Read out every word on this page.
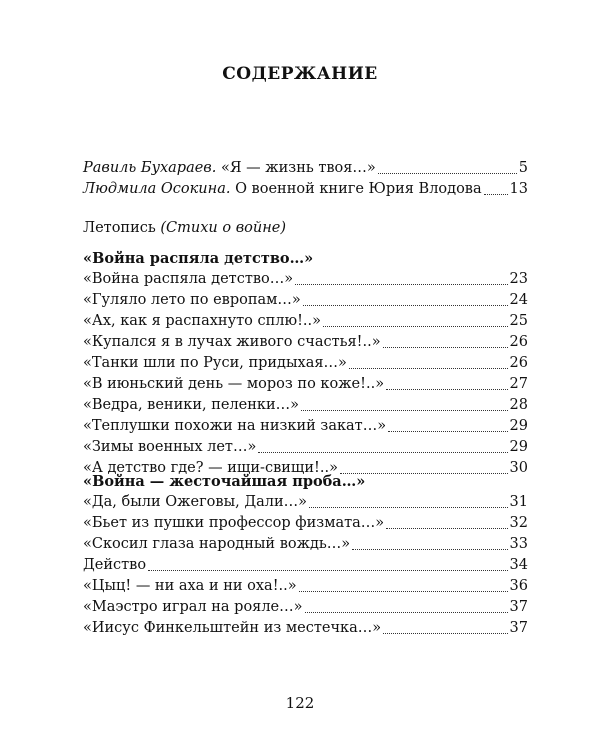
СОДЕРЖАНИЕ
Равиль Бухараев. «Я — жизнь твоя…»	5
Людмила Осокина. О военной книге Юрия Влодова 13
Летопись (Стихи о войне)
«Война распяла детство…»
«Война распяла детство…»	23
«Гуляло лето по европам…»	24
«Ах, как я распахнуто сплю!..»	25
«Купался я в лучах живого счастья!..»	26
«Танки шли по Руси, придыхая…»	26
«В июньский день — мороз по коже!..»	27
«Ведра, веники, пеленки…»	28
«Теплушки похожи на низкий закат…»	29
«Зимы военных лет…»	29
«А детство где? — ищи-свищи!..»	30
«Война — жесточайшая проба…»
«Да, были Ожеговы, Дали…»	31
«Бьет из пушки профессор физмата…»	32
«Скосил глаза народный вождь…»	33
Действо	34
«Цыц! — ни аха и ни оха!..»	36
«Маэстро играл на рояле…»	37
«Иисус Финкельштейн из местечка…»	37
122
